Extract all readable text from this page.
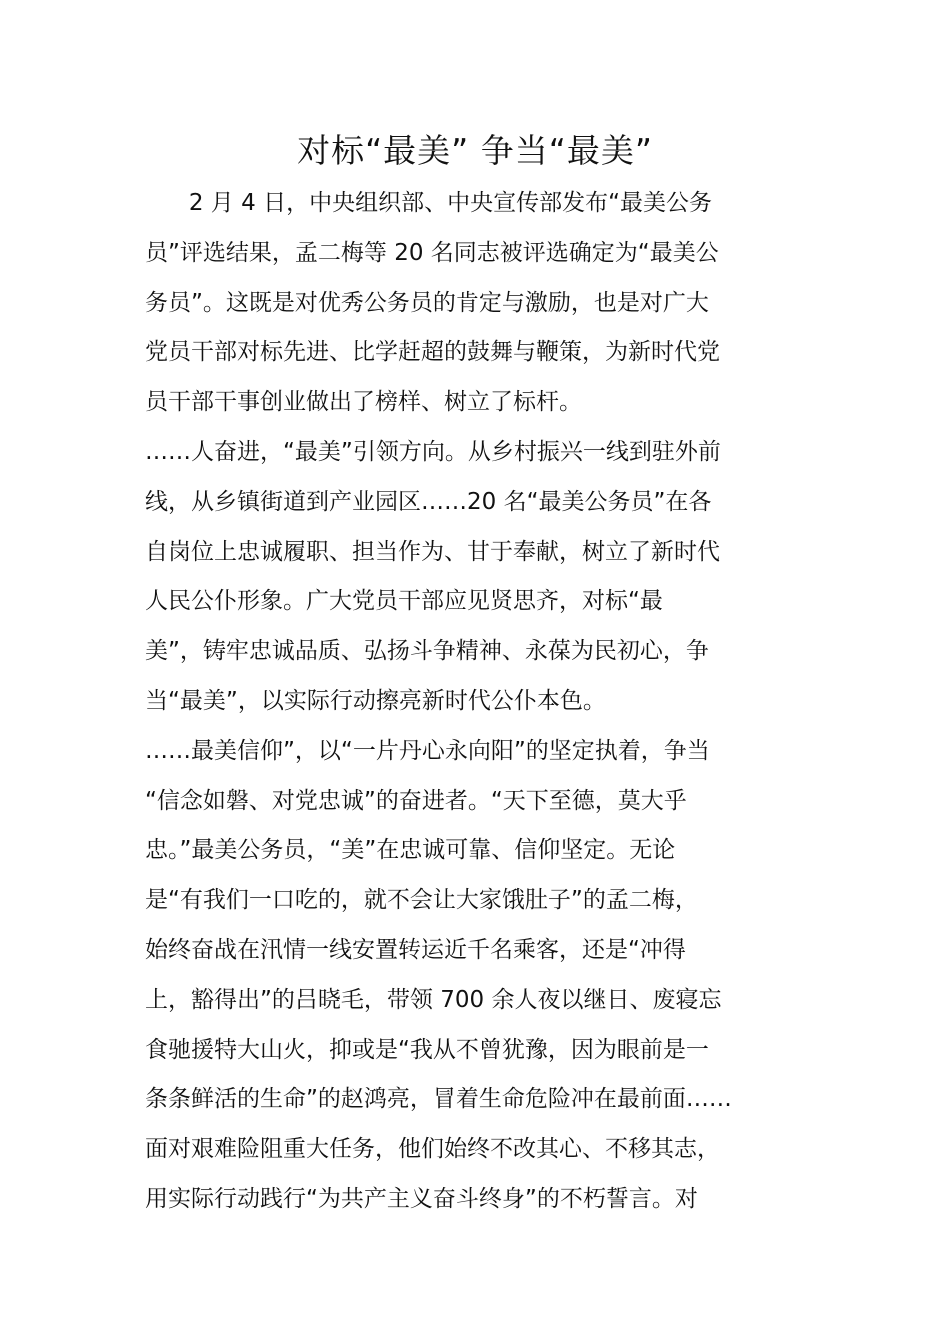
对标“最美” 争当“最美”
2 月 4 日，中央组织部、中央宣传部发布“最美公务
员”评选结果，孟二梅等 20 名同志被评选确定为“最美公
务员”。这既是对优秀公务员的肯定与激励，也是对广大
党员干部对标先进、比学赶超的鼓舞与鞭策，为新时代党
员干部干事创业做出了榜样、树立了标杆。
……人奋进，“最美”引领方向。从乡村振兴一线到驻外前
线，从乡镇街道到产业园区……20 名“最美公务员”在各
自岗位上忠诚履职、担当作为、甘于奉献，树立了新时代
人民公仆形象。广大党员干部应见贤思齐，对标“最
美”，铸牢忠诚品质、弘扬斗争精神、永葆为民初心，争
当“最美”，以实际行动擦亮新时代公仆本色。
……最美信仰”，以“一片丹心永向阳”的坚定执着，争当
“信念如磐、对党忠诚”的奋进者。“天下至德，莫大乎
忠。”最美公务员，“美”在忠诚可靠、信仰坚定。无论
是“有我们一口吃的，就不会让大家饿肚子”的孟二梅，
始终奋战在汛情一线安置转运近千名乘客，还是“冲得
上，豁得出”的吕晓毛，带领 700 余人夜以继日、废寝忘
食驰援特大山火，抑或是“我从不曾犹豫，因为眼前是一
条条鲜活的生命”的赵鸿亮，冒着生命危险冲在最前面……
面对艰难险阻重大任务，他们始终不改其心、不移其志，
用实际行动践行“为共产主义奋斗终身”的不朽誓言。对
